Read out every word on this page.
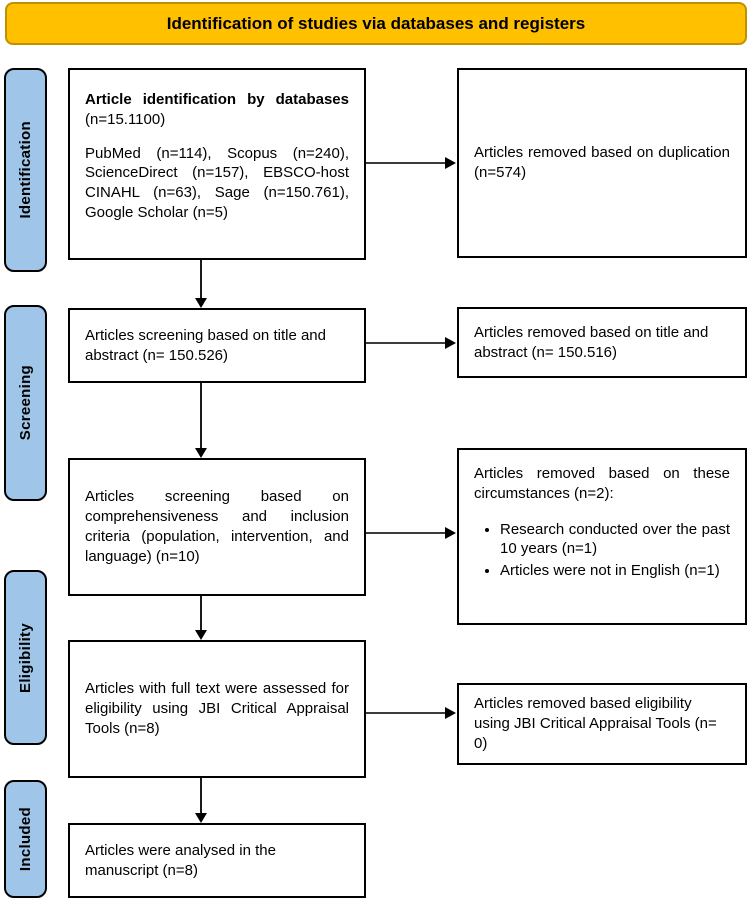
Identification of studies via databases and registers
Identification
Screening
Eligibility
Included
Article identification by databases (n=15.1100)
PubMed (n=114), Scopus (n=240), ScienceDirect (n=157), EBSCO-host CINAHL (n=63), Sage (n=150.761), Google Scholar (n=5)
Articles removed based on duplication (n=574)
Articles screening based on title and abstract (n= 150.526)
Articles removed based on title and abstract (n= 150.516)
Articles screening based on comprehensiveness and inclusion criteria (population, intervention, and language) (n=10)
Articles removed based on these circumstances (n=2):
• Research conducted over the past 10 years (n=1)
• Articles were not in English (n=1)
Articles with full text were assessed for eligibility using JBI Critical Appraisal Tools (n=8)
Articles removed based eligibility using JBI Critical Appraisal Tools (n= 0)
Articles were analysed in the manuscript (n=8)
